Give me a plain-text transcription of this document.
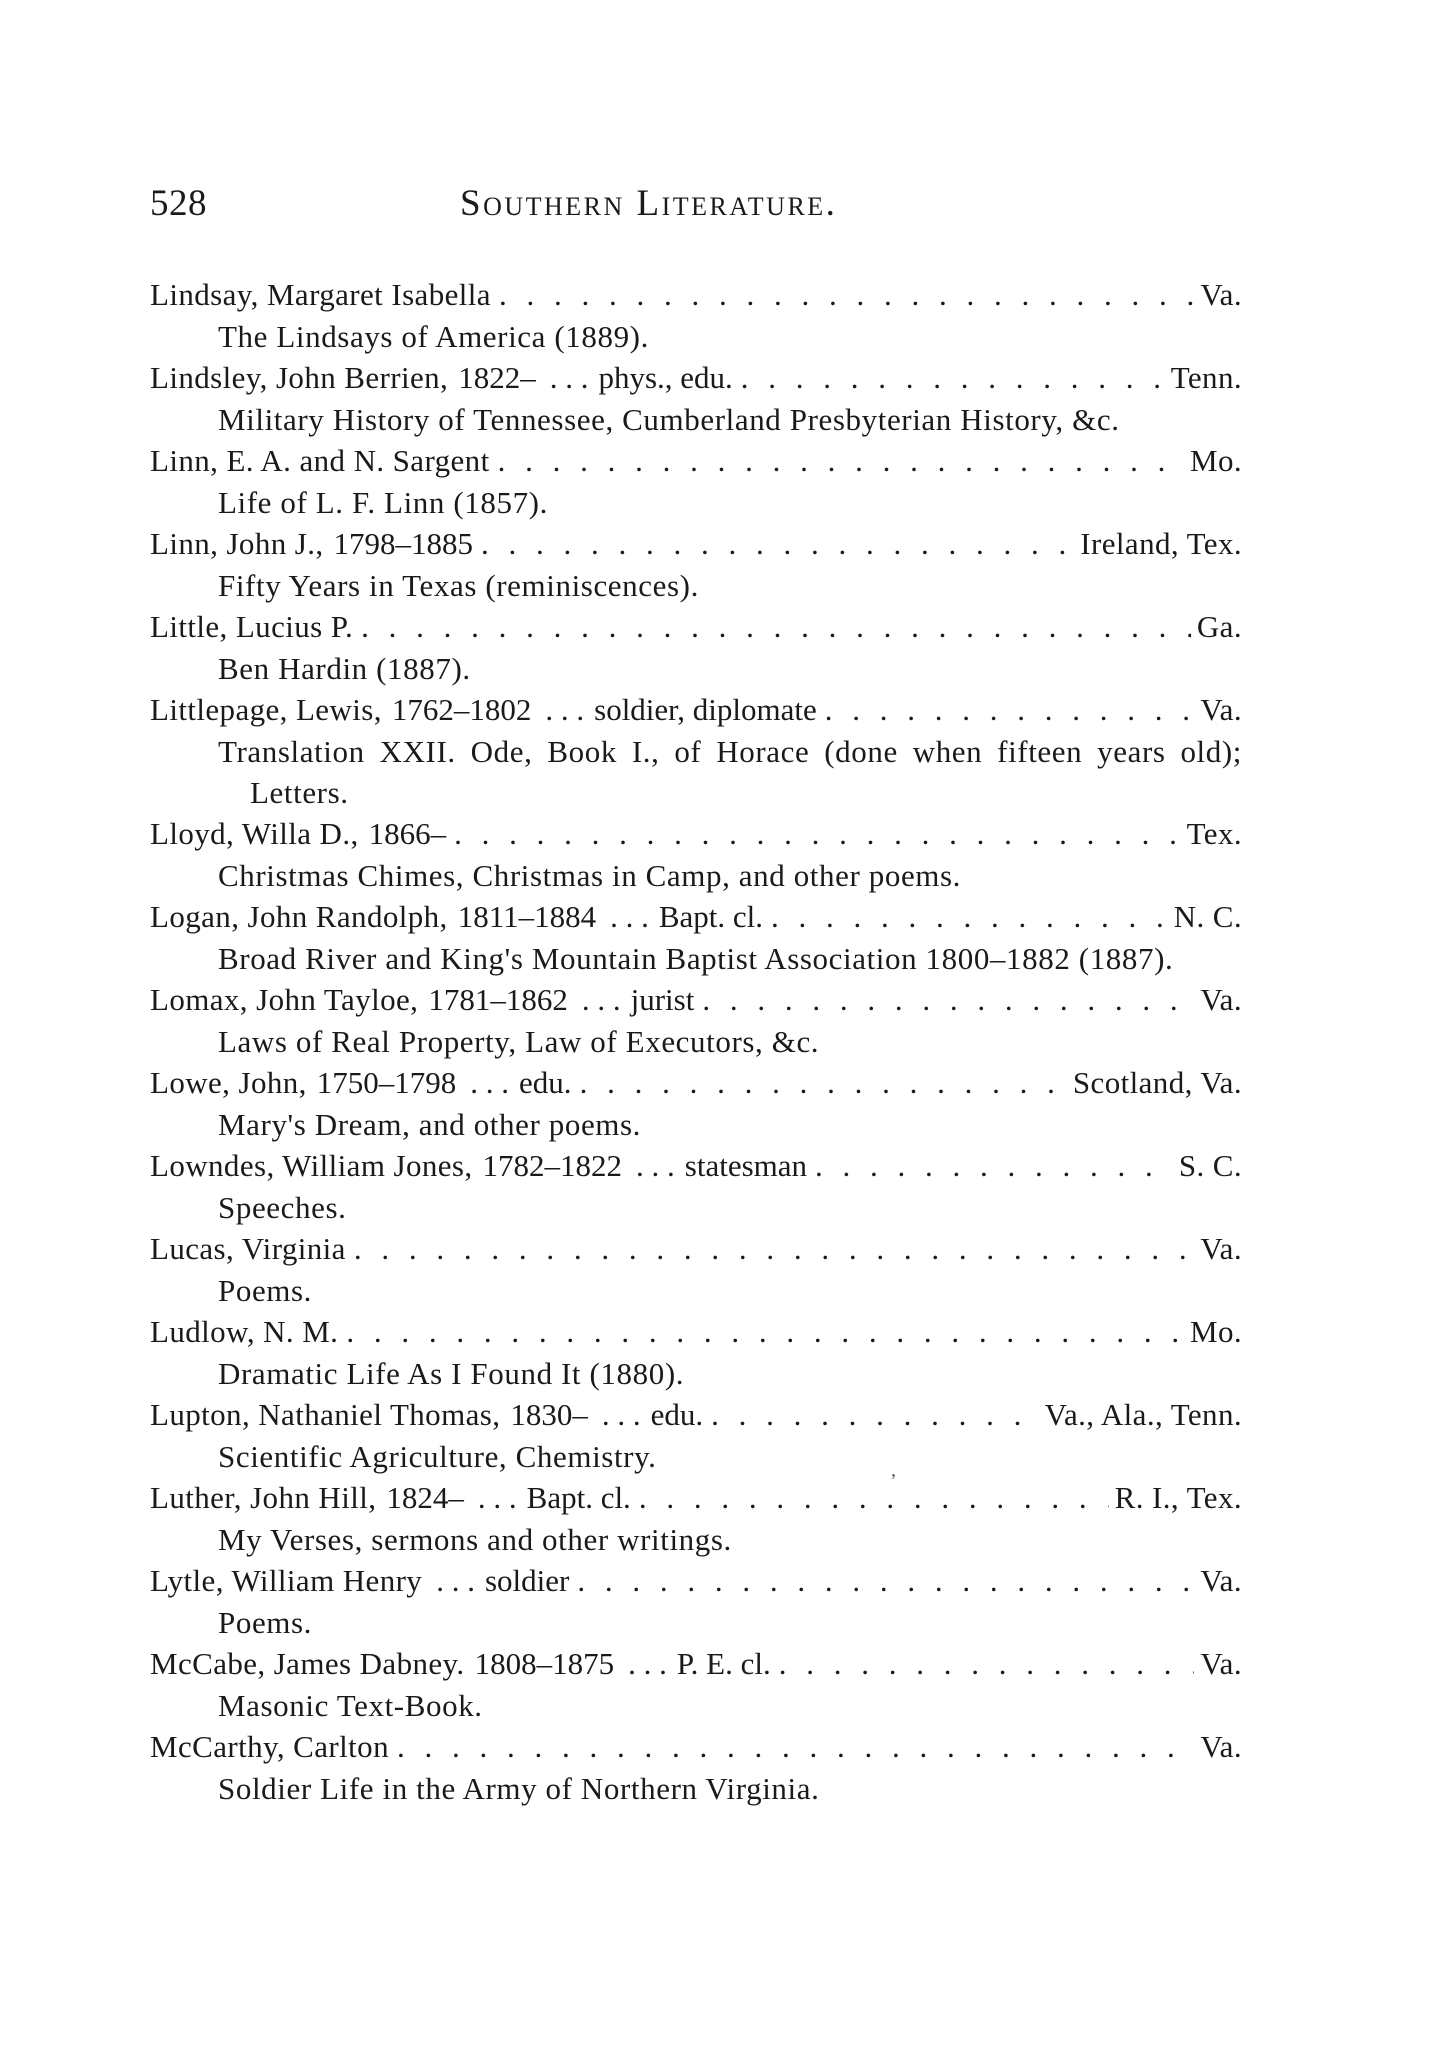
528	Southern Literature.
Lindsay, Margaret Isabella . . .	Va.
The Lindsays of America (1889).
Lindsley, John Berrien, 1822–	. . . phys., edu. . . .	Tenn.
Military History of Tennessee, Cumberland Presbyterian History, &c.
Linn, E. A. and N. Sargent . . .	Mo.
Life of L. F. Linn (1857).
Linn, John J., 1798–1885 . . .	Ireland, Tex.
Fifty Years in Texas (reminiscences).
Little, Lucius P. . . .	Ga.
Ben Hardin (1887).
Littlepage, Lewis, 1762–1802	. . . soldier, diplomate . . .	Va.
Translation XXII. Ode, Book I., of Horace (done when fifteen years old); Letters.
Lloyd, Willa D., 1866– . . .	Tex.
Christmas Chimes, Christmas in Camp, and other poems.
Logan, John Randolph, 1811–1884	. . . Bapt. cl. . . .	N. C.
Broad River and King's Mountain Baptist Association 1800–1882 (1887).
Lomax, John Tayloe, 1781–1862	. . . jurist . . .	Va.
Laws of Real Property, Law of Executors, &c.
Lowe, John, 1750–1798	. . . edu. . . .	Scotland, Va.
Mary's Dream, and other poems.
Lowndes, William Jones, 1782–1822	. . . statesman . . .	S. C.
Speeches.
Lucas, Virginia . . .	Va.
Poems.
Ludlow, N. M. . . .	Mo.
Dramatic Life As I Found It (1880).
Lupton, Nathaniel Thomas, 1830–	. . . edu. . . .	Va., Ala., Tenn.
Scientific Agriculture, Chemistry.
Luther, John Hill, 1824–	. . . Bapt. cl. . . .	R. I., Tex.
My Verses, sermons and other writings.
Lytle, William Henry	. . . soldier . . .	Va.
Poems.
McCabe, James Dabney. 1808–1875	. . . P. E. cl. . . .	Va.
Masonic Text-Book.
McCarthy, Carlton . . .	Va.
Soldier Life in the Army of Northern Virginia.
,
